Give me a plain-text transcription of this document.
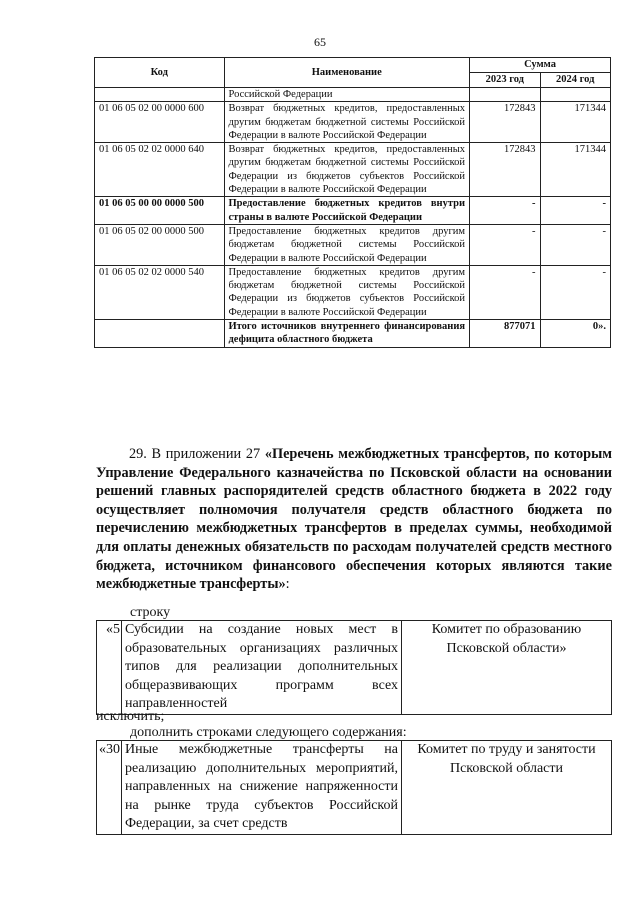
65
Код	Наименование	Сумма	
		2023 год	2024 год
	Российской Федерации		
01 06 05 02 00 0000 600	Возврат бюджетных кредитов, предоставленных другим бюджетам бюджетной системы Российской Федерации в валюте Российской Федерации	172843	171344
01 06 05 02 02 0000 640	Возврат бюджетных кредитов, предоставленных другим бюджетам бюджетной системы Российской Федерации из бюджетов субъектов Российской Федерации в валюте Российской Федерации	172843	171344
01 06 05 00 00 0000 500	Предоставление бюджетных кредитов внутри страны в валюте Российской Федерации	-	-
01 06 05 02 00 0000 500	Предоставление бюджетных кредитов другим бюджетам бюджетной системы Российской Федерации в валюте Российской Федерации	-	-
01 06 05 02 02 0000 540	Предоставление бюджетных кредитов другим бюджетам бюджетной системы Российской Федерации из бюджетов субъектов Российской Федерации в валюте Российской Федерации	-	-
	Итого источников внутреннего финансирования дефицита областного бюджета	877071	0».
29. В приложении 27 «Перечень межбюджетных трансфертов, по которым Управление Федерального казначейства по Псковской области на основании решений главных распорядителей средств областного бюджета в 2022 году осуществляет полномочия получателя средств областного бюджета по перечислению межбюджетных трансфертов в пределах суммы, необходимой для оплаты денежных обязательств по расходам получателей средств местного бюджета, источником финансового обеспечения которых являются такие межбюджетные трансферты»:
строку
«5	Субсидии на создание новых мест в образовательных организациях различных типов для реализации дополнительных общеразвивающих программ всех направленностей	Комитет по образованию Псковской области»
исключить;
дополнить строками следующего содержания:
«30	Иные межбюджетные трансферты на реализацию дополнительных мероприятий, направленных на снижение напряженности на рынке труда субъектов Российской Федерации, за счет средств	Комитет по труду и занятости Псковской области
